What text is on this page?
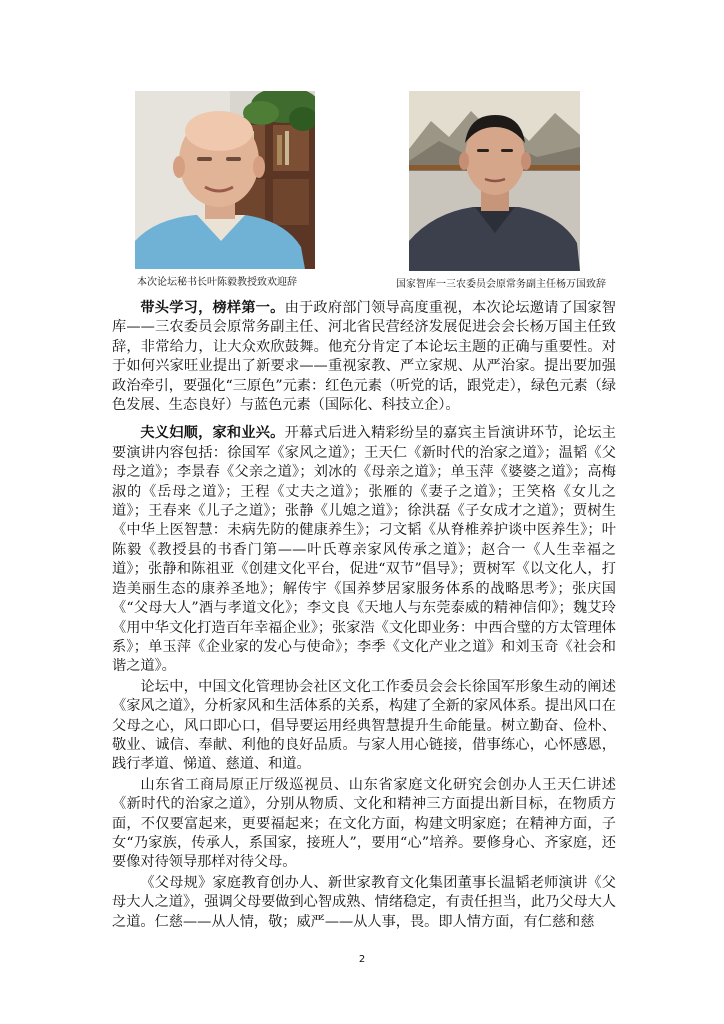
本次论坛秘书长叶陈毅教授致欢迎辞	国家智库一三农委员会原常务副主任杨万国致辞

带头学习，榜样第一。由于政府部门领导高度重视，本次论坛邀请了国家智库——三农委员会原常务副主任、河北省民营经济发展促进会会长杨万国主任致辞，非常给力，让大众欢欣鼓舞。他充分肯定了本论坛主题的正确与重要性。对于如何兴家旺业提出了新要求——重视家教、严立家规、从严治家。提出要加强政治牵引，要强化“三原色”元素：红色元素（听党的话，跟党走），绿色元素（绿色发展、生态良好）与蓝色元素（国际化、科技立企）。

夫义妇顺，家和业兴。开幕式后进入精彩纷呈的嘉宾主旨演讲环节，论坛主要演讲内容包括：徐国军《家风之道》；王天仁《新时代的治家之道》；温韬《父母之道》；李景春《父亲之道》；刘冰的《母亲之道》；单玉萍《婆婆之道》；高梅淑的《岳母之道》；王程《丈夫之道》；张雁的《妻子之道》；王笑格《女儿之道》；王春来《儿子之道》；张静《儿媳之道》；徐洪磊《子女成才之道》；贾树生《中华上医智慧：未病先防的健康养生》；刁文韬《从脊椎养护谈中医养生》；叶陈毅《教授县的书香门第——叶氏尊亲家风传承之道》；赵合一《人生幸福之道》；张静和陈祖亚《创建文化平台，促进“双节”倡导》；贾树军《以文化人，打造美丽生态的康养圣地》；解传宇《国养梦居家服务体系的战略思考》；张庆国《“父母大人”酒与孝道文化》；李文良《天地人与东莞泰威的精神信仰》；魏艾玲《用中华文化打造百年幸福企业》；张家浩《文化即业务：中西合璧的方太管理体系》；单玉萍《企业家的发心与使命》；李季《文化产业之道》和刘玉奇《社会和谐之道》。

论坛中，中国文化管理协会社区文化工作委员会会长徐国军形象生动的阐述《家风之道》，分析家风和生活体系的关系，构建了全新的家风体系。提出风口在父母之心，风口即心口，倡导要运用经典智慧提升生命能量。树立勤奋、俭朴、敬业、诚信、奉献、利他的良好品质。与家人用心链接，借事练心，心怀感恩，践行孝道、悌道、慈道、和道。

山东省工商局原正厅级巡视员、山东省家庭文化研究会创办人王天仁讲述《新时代的治家之道》，分别从物质、文化和精神三方面提出新目标，在物质方面，不仅要富起来，更要福起来；在文化方面，构建文明家庭；在精神方面，子女“乃家族，传承人，系国家，接班人”，要用“心”培养。要修身心、齐家庭，还要像对待领导那样对待父母。

《父母规》家庭教育创办人、新世家教育文化集团董事长温韬老师演讲《父母大人之道》，强调父母要做到心智成熟、情绪稳定，有责任担当，此乃父母大人之道。仁慈——从人情，敬；威严——从人事，畏。即人情方面，有仁慈和慈

2
